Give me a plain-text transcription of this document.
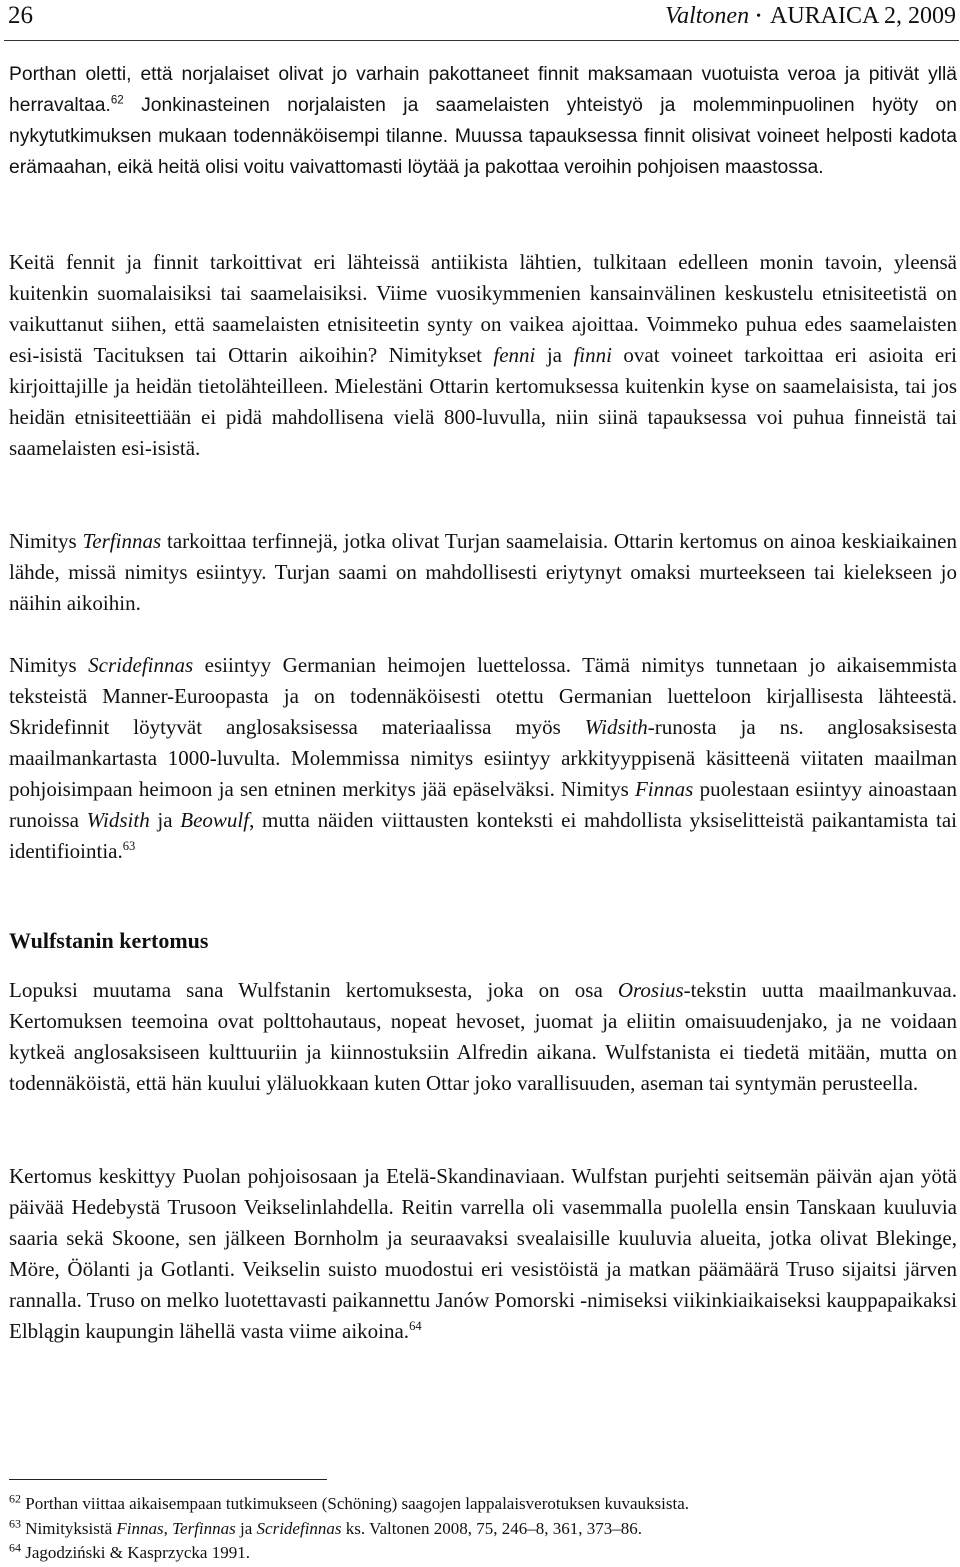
26	Valtonen • AURAICA 2, 2009
Porthan oletti, että norjalaiset olivat jo varhain pakottaneet finnit maksamaan vuotuista veroa ja pitivät yllä herravaltaa.$^{62}$ Jonkinasteinen norjalaisten ja saamelaisten yhteistyö ja molemminpuolinen hyöty on nykytutkimuksen mukaan todennäköisempi tilanne. Muussa tapauksessa finnit olisivat voineet helposti kadota erämaahan, eikä heitä olisi voitu vaivattomasti löytää ja pakottaa veroihin pohjoisen maastossa.
Keitä fennit ja finnit tarkoittivat eri lähteissä antiikista lähtien, tulkitaan edelleen monin tavoin, yleensä kuitenkin suomalaisiksi tai saamelaisiksi. Viime vuosikymmenien kansainvälinen keskustelu etnisiteetistä on vaikuttanut siihen, että saamelaisten etnisiteetin synty on vaikea ajoittaa. Voimmeko puhua edes saamelaisten esi-isistä Tacituksen tai Ottarin aikoihin? Nimitykset fenni ja finni ovat voineet tarkoittaa eri asioita eri kirjoittajille ja heidän tietolähteilleen. Mielestäni Ottarin kertomuksessa kuitenkin kyse on saamelaisista, tai jos heidän etnisiteettiään ei pidä mahdollisena vielä 800-luvulla, niin siinä tapauksessa voi puhua finneistä tai saamelaisten esi-isistä.
Nimitys Terfinnas tarkoittaa terfinnejä, jotka olivat Turjan saamelaisia. Ottarin kertomus on ainoa keskiaikainen lähde, missä nimitys esiintyy. Turjan saami on mahdollisesti eriytynyt omaksi murteekseen tai kielekseen jo näihin aikoihin.
Nimitys Scridefinnas esiintyy Germanian heimojen luettelossa. Tämä nimitys tunnetaan jo aikaisemmista teksteistä Manner-Euroopasta ja on todennäköisesti otettu Germanian luetteloon kirjallisesta lähteestä. Skridefinnit löytyvät anglosaksisessa materiaalissa myös Widsith-runosta ja ns. anglosaksisesta maailmankartasta 1000-luvulta. Molemmissa nimitys esiintyy arkkityyppisenä käsitteenä viitaten maailman pohjoisimpaan heimoon ja sen etninen merkitys jää epäselväksi. Nimitys Finnas puolestaan esiintyy ainoastaan runoissa Widsith ja Beowulf, mutta näiden viittausten konteksti ei mahdollista yksiselitteistä paikantamista tai identifiointia.$^{63}$
Wulfstanin kertomus
Lopuksi muutama sana Wulfstanin kertomuksesta, joka on osa Orosius-tekstin uutta maailmankuvaa. Kertomuksen teemoina ovat polttohautaus, nopeat hevoset, juomat ja eliitin omaisuudenjako, ja ne voidaan kytkeä anglosaksiseen kulttuuriin ja kiinnostuksiin Alfredin aikana. Wulfstanista ei tiedetä mitään, mutta on todennäköistä, että hän kuului yläluokkaan kuten Ottar joko varallisuuden, aseman tai syntymän perusteella.
Kertomus keskittyy Puolan pohjoisosaan ja Etelä-Skandinaviaan. Wulfstan purjehti seitsemän päivän ajan yötä päivää Hedebystä Trusoon Veikselinlahdella. Reitin varrella oli vasemmalla puolella ensin Tanskaan kuuluvia saaria sekä Skoone, sen jälkeen Bornholm ja seuraavaksi svealaisille kuuluvia alueita, jotka olivat Blekinge, Möre, Öölanti ja Gotlanti. Veikselin suisto muodostui eri vesistöistä ja matkan päämäärä Truso sijaitsi järven rannalla. Truso on melko luotettavasti paikannettu Janów Pomorski -nimiseksi viikinkiaikaiseksi kauppapaikaksi Elblągin kaupungin lähellä vasta viime aikoina.$^{64}$
$^{62}$ Porthan viittaa aikaisempaan tutkimukseen (Schöning) saagojen lappalaisverotuksen kuvauksista.
$^{63}$ Nimityksistä Finnas, Terfinnas ja Scridefinnas ks. Valtonen 2008, 75, 246–8, 361, 373–86.
$^{64}$ Jagodziński & Kasprzycka 1991.
